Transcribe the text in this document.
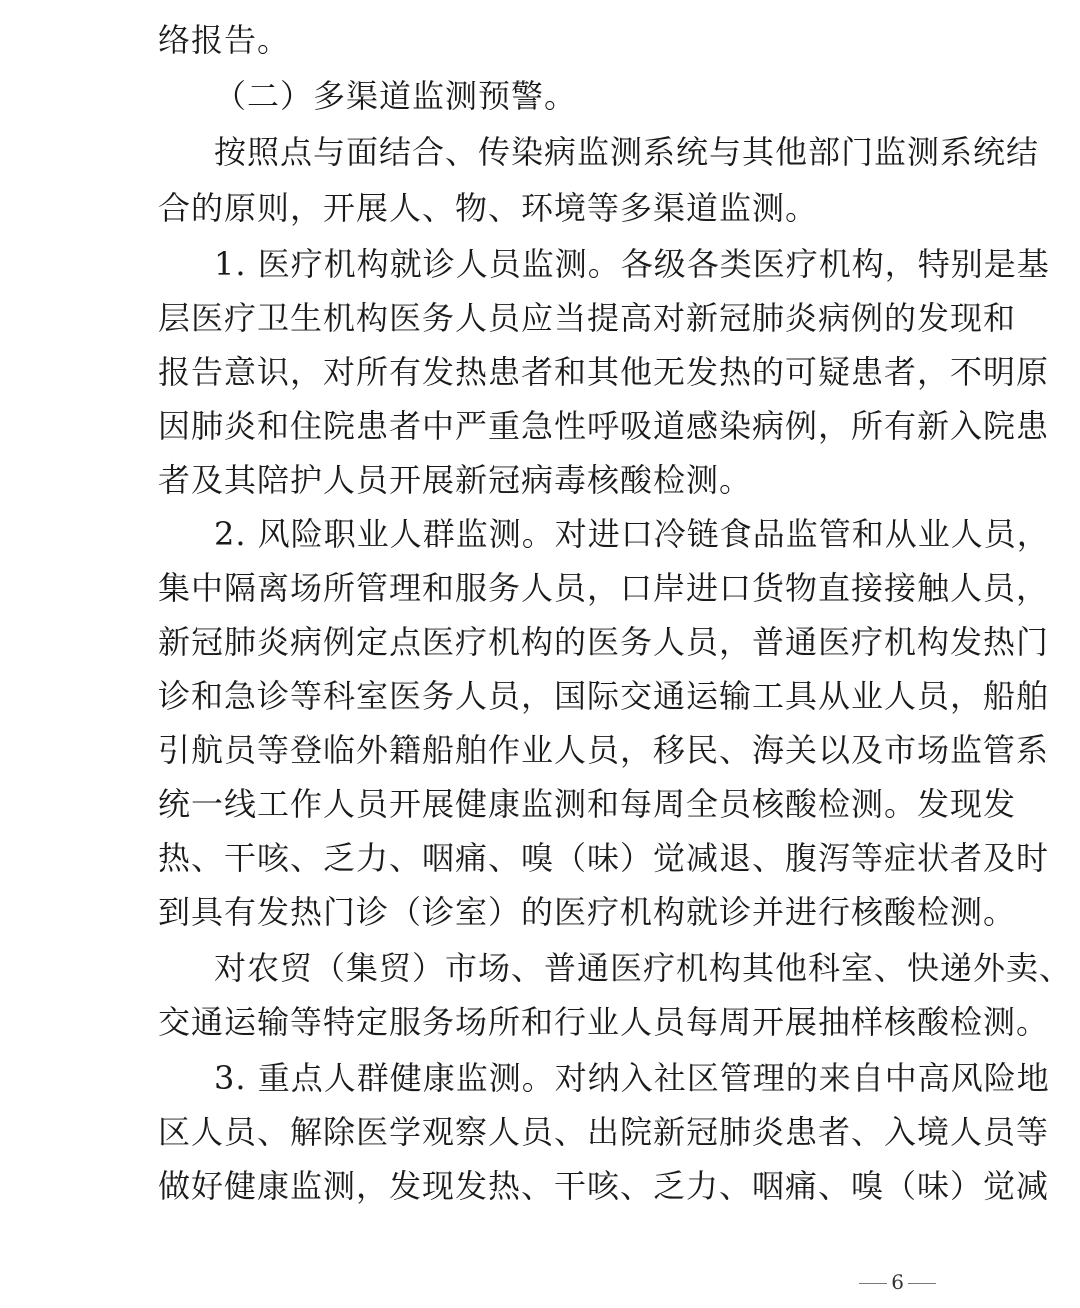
络报告。
（二）多渠道监测预警。
按照点与面结合、传染病监测系统与其他部门监测系统结
合的原则，开展人、物、环境等多渠道监测。
1. 医疗机构就诊人员监测。各级各类医疗机构，特别是基
层医疗卫生机构医务人员应当提高对新冠肺炎病例的发现和
报告意识，对所有发热患者和其他无发热的可疑患者，不明原
因肺炎和住院患者中严重急性呼吸道感染病例，所有新入院患
者及其陪护人员开展新冠病毒核酸检测。
2. 风险职业人群监测。对进口冷链食品监管和从业人员，
集中隔离场所管理和服务人员，口岸进口货物直接接触人员，
新冠肺炎病例定点医疗机构的医务人员，普通医疗机构发热门
诊和急诊等科室医务人员，国际交通运输工具从业人员，船舶
引航员等登临外籍船舶作业人员，移民、海关以及市场监管系
统一线工作人员开展健康监测和每周全员核酸检测。发现发
热、干咳、乏力、咽痛、嗅（味）觉减退、腹泻等症状者及时
到具有发热门诊（诊室）的医疗机构就诊并进行核酸检测。
对农贸（集贸）市场、普通医疗机构其他科室、快递外卖、
交通运输等特定服务场所和行业人员每周开展抽样核酸检测。
3. 重点人群健康监测。对纳入社区管理的来自中高风险地
区人员、解除医学观察人员、出院新冠肺炎患者、入境人员等
做好健康监测，发现发热、干咳、乏力、咽痛、嗅（味）觉减
6
